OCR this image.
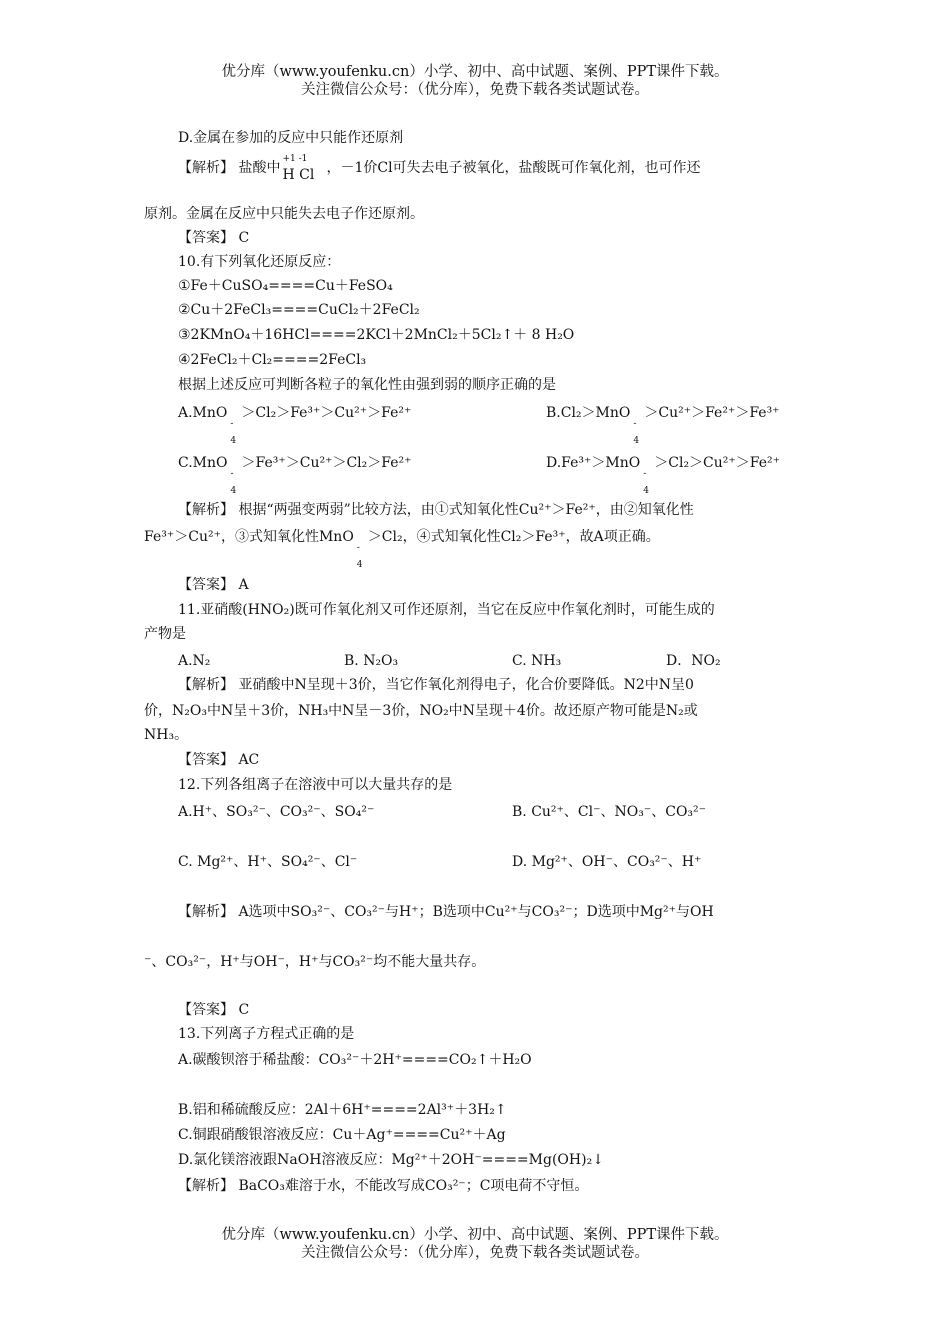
优分库（www.youfenku.cn）小学、初中、高中试题、案例、PPT课件下载。
关注微信公众号：（优分库），免费下载各类试题试卷。
D.金属在参加的反应中只能作还原剂
【解析】 盐酸中
+1 -1
H Cl ，－1价Cl可失去电子被氧化，盐酸既可作氧化剂，也可作还
原剂。金属在反应中只能失去电子作还原剂。
【答案】 C
10.有下列氧化还原反应：
①Fe＋CuSO₄====Cu＋FeSO₄
②Cu＋2FeCl₃====CuCl₂＋2FeCl₂
③2KMnO₄＋16HCl====2KCl＋2MnCl₂＋5Cl₂↑＋ 8 H₂O
④2FeCl₂＋Cl₂====2FeCl₃
根据上述反应可判断各粒子的氧化性由强到弱的顺序正确的是
A.MnO
4
-
＞Cl₂＞Fe³⁺＞Cu²⁺＞Fe²⁺	B.Cl₂＞MnO
4
-
＞Cu²⁺＞Fe²⁺＞Fe³⁺
C.MnO
4
-
＞Fe³⁺＞Cu²⁺＞Cl₂＞Fe²⁺	D.Fe³⁺＞MnO
4
-
＞Cl₂＞Cu²⁺＞Fe²⁺
【解析】 根据“两强变两弱”比较方法，由①式知氧化性Cu²⁺＞Fe²⁺，由②知氧化性
Fe³⁺＞Cu²⁺，③式知氧化性MnO
4
-
＞Cl₂，④式知氧化性Cl₂＞Fe³⁺，故A项正确。
【答案】 A
11.亚硝酸(HNO₂)既可作氧化剂又可作还原剂，当它在反应中作氧化剂时，可能生成的
产物是
A.N₂	B. N₂O₃	C. NH₃	D．NO₂
【解析】 亚硝酸中N呈现＋3价，当它作氧化剂得电子，化合价要降低。N2中N呈0
价，N₂O₃中N呈＋3价，NH₃中N呈－3价，NO₂中N呈现＋4价。故还原产物可能是N₂或
NH₃。
【答案】 AC
12.下列各组离子在溶液中可以大量共存的是
A.H⁺、SO₃²⁻、CO₃²⁻、SO₄²⁻	B. Cu²⁺、Cl⁻、NO₃⁻、CO₃²⁻
C. Mg²⁺、H⁺、SO₄²⁻、Cl⁻	D. Mg²⁺、OH⁻、CO₃²⁻、H⁺
【解析】 A选项中SO₃²⁻、CO₃²⁻与H⁺；B选项中Cu²⁺与CO₃²⁻；D选项中Mg²⁺与OH
⁻、CO₃²⁻，H⁺与OH⁻，H⁺与CO₃²⁻均不能大量共存。
【答案】 C
13.下列离子方程式正确的是
A.碳酸钡溶于稀盐酸：CO₃²⁻＋2H⁺====CO₂↑＋H₂O
B.铝和稀硫酸反应：2Al＋6H⁺====2Al³⁺＋3H₂↑
C.铜跟硝酸银溶液反应：Cu＋Ag⁺====Cu²⁺＋Ag
D.氯化镁溶液跟NaOH溶液反应：Mg²⁺＋2OH⁻====Mg(OH)₂↓
【解析】 BaCO₃难溶于水，不能改写成CO₃²⁻；C项电荷不守恒。
优分库（www.youfenku.cn）小学、初中、高中试题、案例、PPT课件下载。
关注微信公众号：（优分库），免费下载各类试题试卷。
